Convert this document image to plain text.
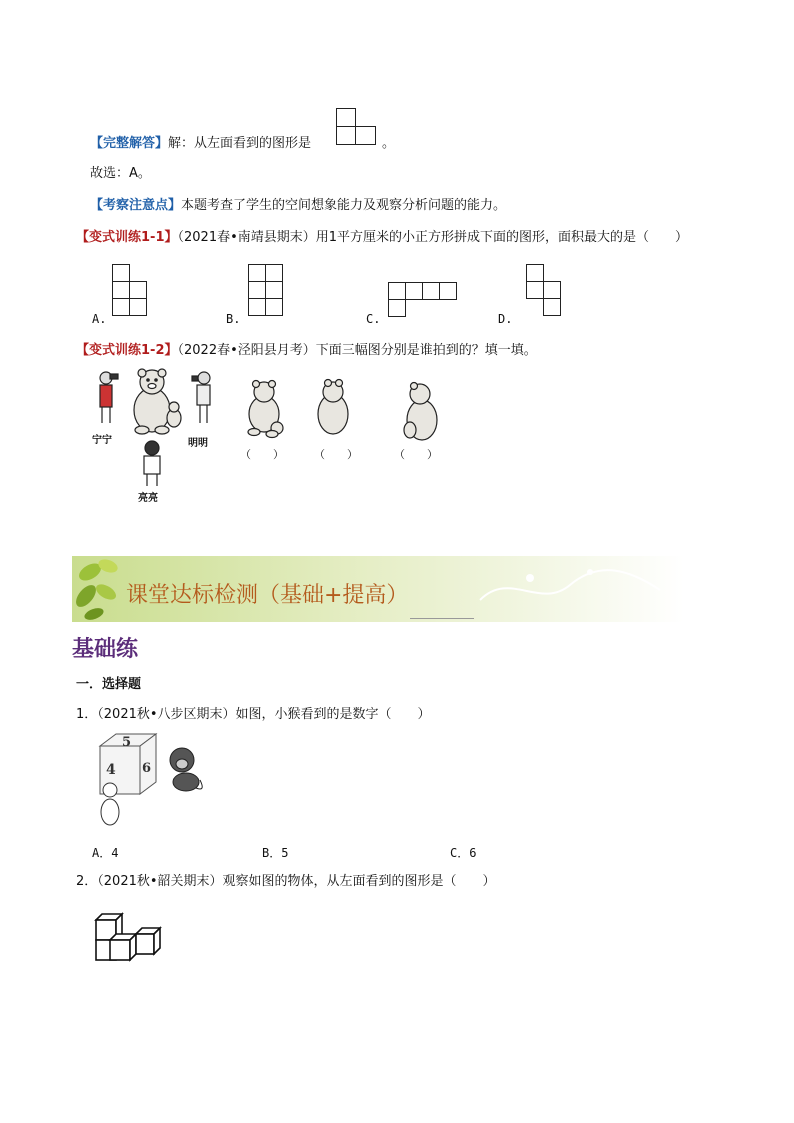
【完整解答】解：从左面看到的图形是	。
故选：A。
【考察注意点】本题考查了学生的空间想象能力及观察分析问题的能力。
【变式训练1-1】（2021春•南靖县期末）用1平方厘米的小正方形拼成下面的图形，面积最大的是（　　）
A.	B.	C.	D.
【变式训练1-2】（2022春•泾阳县月考）下面三幅图分别是谁拍到的？填一填。
宁宁	明明
亮亮
（　　）	（　　）	（　　）
课堂达标检测（基础+提高）
基础练
一．选择题
1．（2021秋•八步区期末）如图，小猴看到的是数字（　　）
5
4 6
A．4	B．5	C．6
2．（2021秋•韶关期末）观察如图的物体，从左面看到的图形是（　　）
